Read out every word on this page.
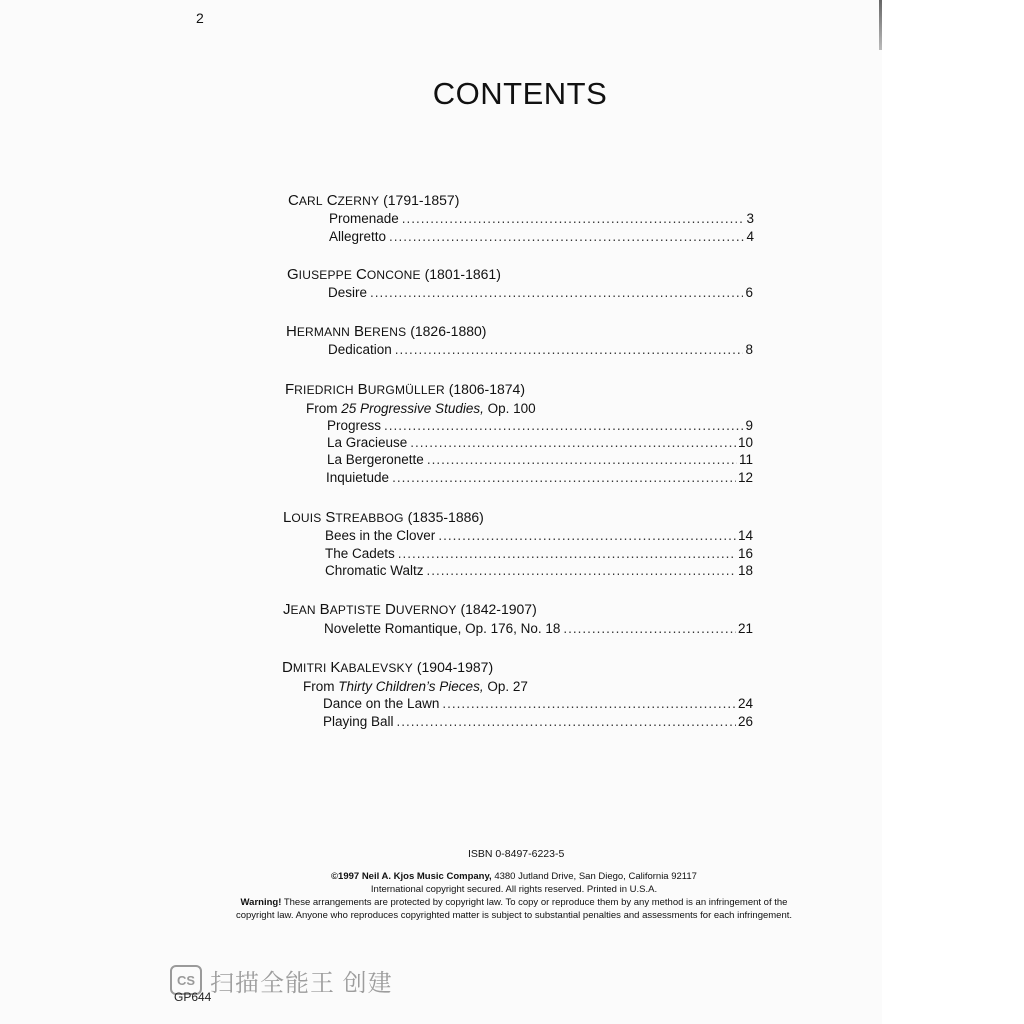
2
CONTENTS
CARL CZERNY (1791-1857)
Promenade .....	3
Allegretto .....	4
GIUSEPPE CONCONE (1801-1861)
Desire .....	6
HERMANN BERENS (1826-1880)
Dedication .....	8
FRIEDRICH BURGMÜLLER (1806-1874)
From 25 Progressive Studies, Op. 100
Progress .....	9
La Gracieuse .....	10
La Bergeronette .....	11
Inquietude .....	12
LOUIS STREABBOG (1835-1886)
Bees in the Clover .....	14
The Cadets .....	16
Chromatic Waltz .....	18
JEAN BAPTISTE DUVERNOY (1842-1907)
Novelette Romantique, Op. 176, No. 18 .....	21
DMITRI KABALEVSKY (1904-1987)
From Thirty Children’s Pieces, Op. 27
Dance on the Lawn .....	24
Playing Ball .....	26
ISBN 0-8497-6223-5
©1997 Neil A. Kjos Music Company, 4380 Jutland Drive, San Diego, California 92117
International copyright secured. All rights reserved. Printed in U.S.A.
Warning! These arrangements are protected by copyright law. To copy or reproduce them by any method is an infringement of the
copyright law. Anyone who reproduces copyrighted matter is subject to substantial penalties and assessments for each infringement.
CS 扫描全能王 创建
GP644
